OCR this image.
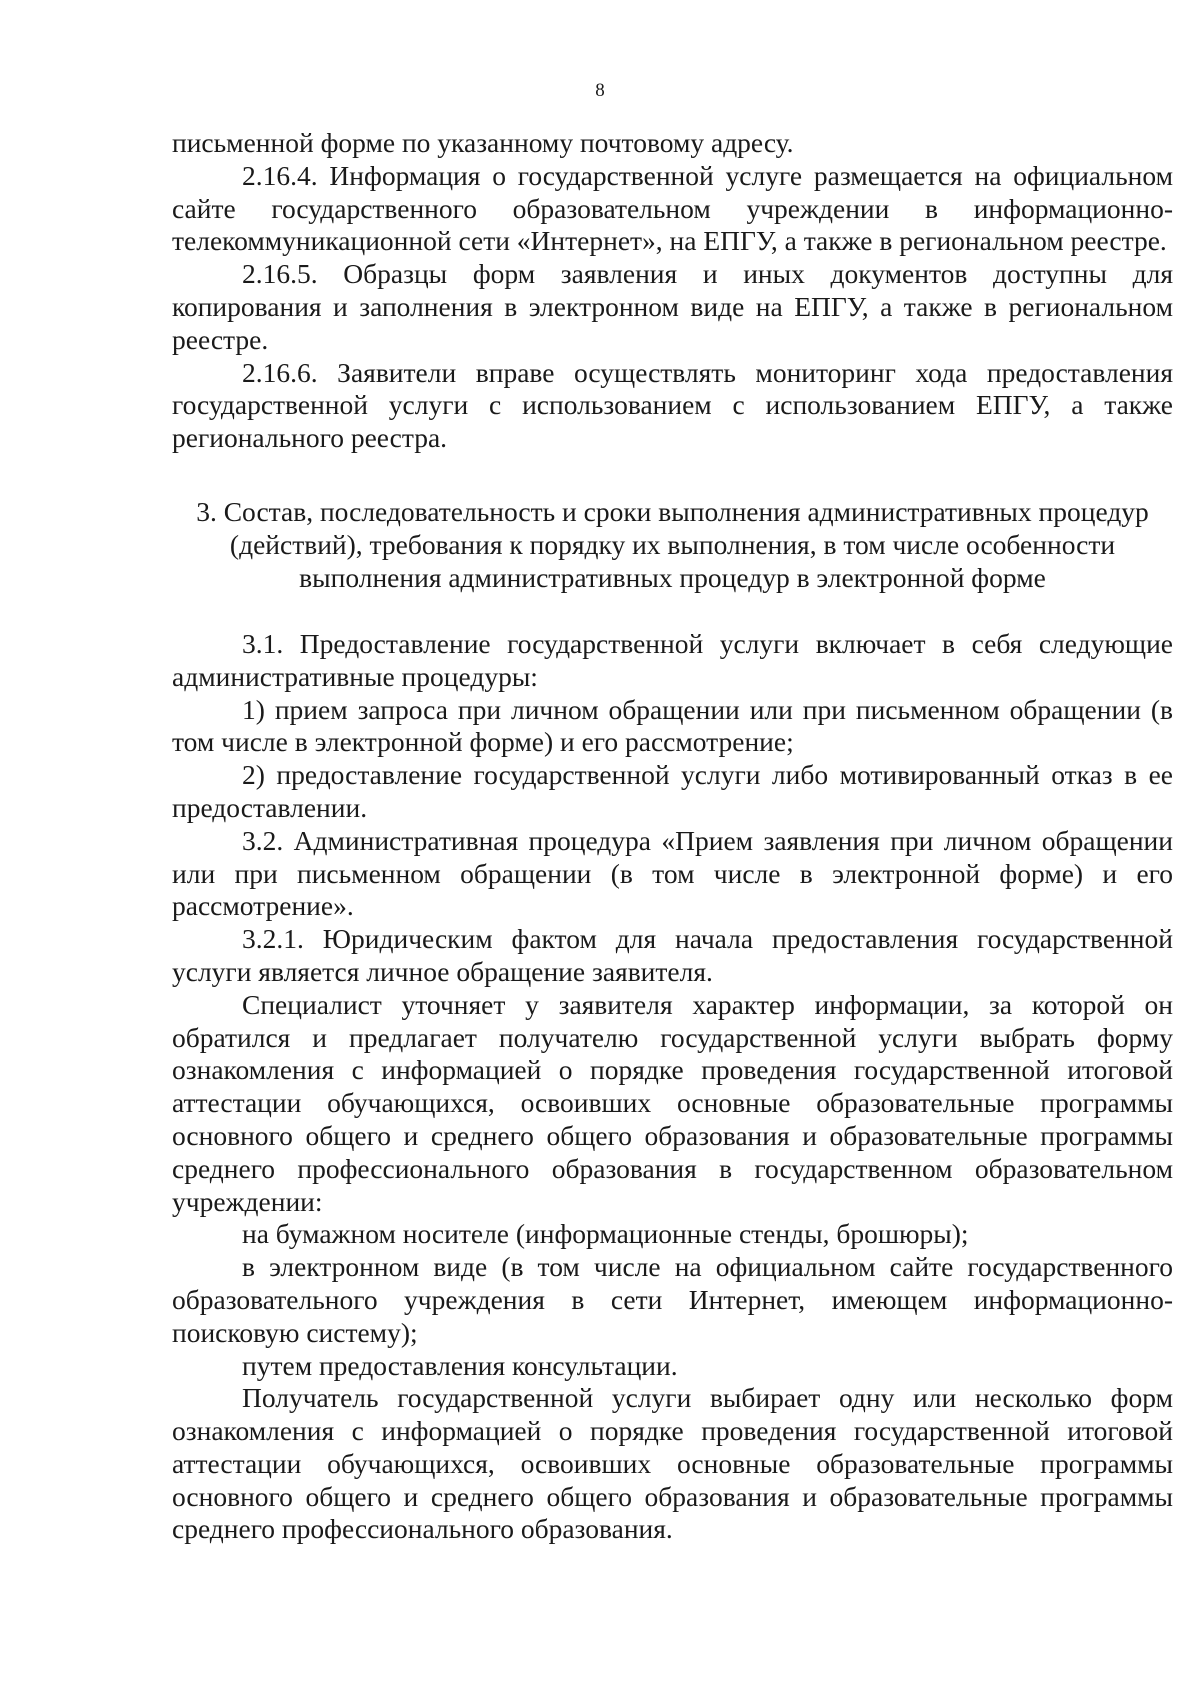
8

письменной форме по указанному почтовому адресу.

2.16.4. Информация о государственной услуге размещается на официальном сайте государственного образовательном учреждении в информационно-телекоммуникационной сети «Интернет», на ЕПГУ, а также в региональном реестре.

2.16.5. Образцы форм заявления и иных документов доступны для копирования и заполнения в электронном виде на ЕПГУ, а также в региональном реестре.

2.16.6. Заявители вправе осуществлять мониторинг хода предоставления государственной услуги с использованием с использованием ЕПГУ, а также регионального реестра.

3. Состав, последовательность и сроки выполнения административных процедур (действий), требования к порядку их выполнения, в том числе особенности выполнения административных процедур в электронной форме

3.1. Предоставление государственной услуги включает в себя следующие административные процедуры:

1) прием запроса при личном обращении или при письменном обращении (в том числе в электронной форме) и его рассмотрение;

2) предоставление государственной услуги либо мотивированный отказ в ее предоставлении.

3.2. Административная процедура «Прием заявления при личном обращении или при письменном обращении (в том числе в электронной форме) и его рассмотрение».

3.2.1. Юридическим фактом для начала предоставления государственной услуги является личное обращение заявителя.

Специалист уточняет у заявителя характер информации, за которой он обратился и предлагает получателю государственной услуги выбрать форму ознакомления с информацией о порядке проведения государственной итоговой аттестации обучающихся, освоивших основные образовательные программы основного общего и среднего общего образования и образовательные программы среднего профессионального образования в государственном образовательном учреждении:

на бумажном носителе (информационные стенды, брошюры);

в электронном виде (в том числе на официальном сайте государственного образовательного учреждения в сети Интернет, имеющем информационно-поисковую систему);

путем предоставления консультации.

Получатель государственной услуги выбирает одну или несколько форм ознакомления с информацией о порядке проведения государственной итоговой аттестации обучающихся, освоивших основные образовательные программы основного общего и среднего общего образования и образовательные программы среднего профессионального образования.
